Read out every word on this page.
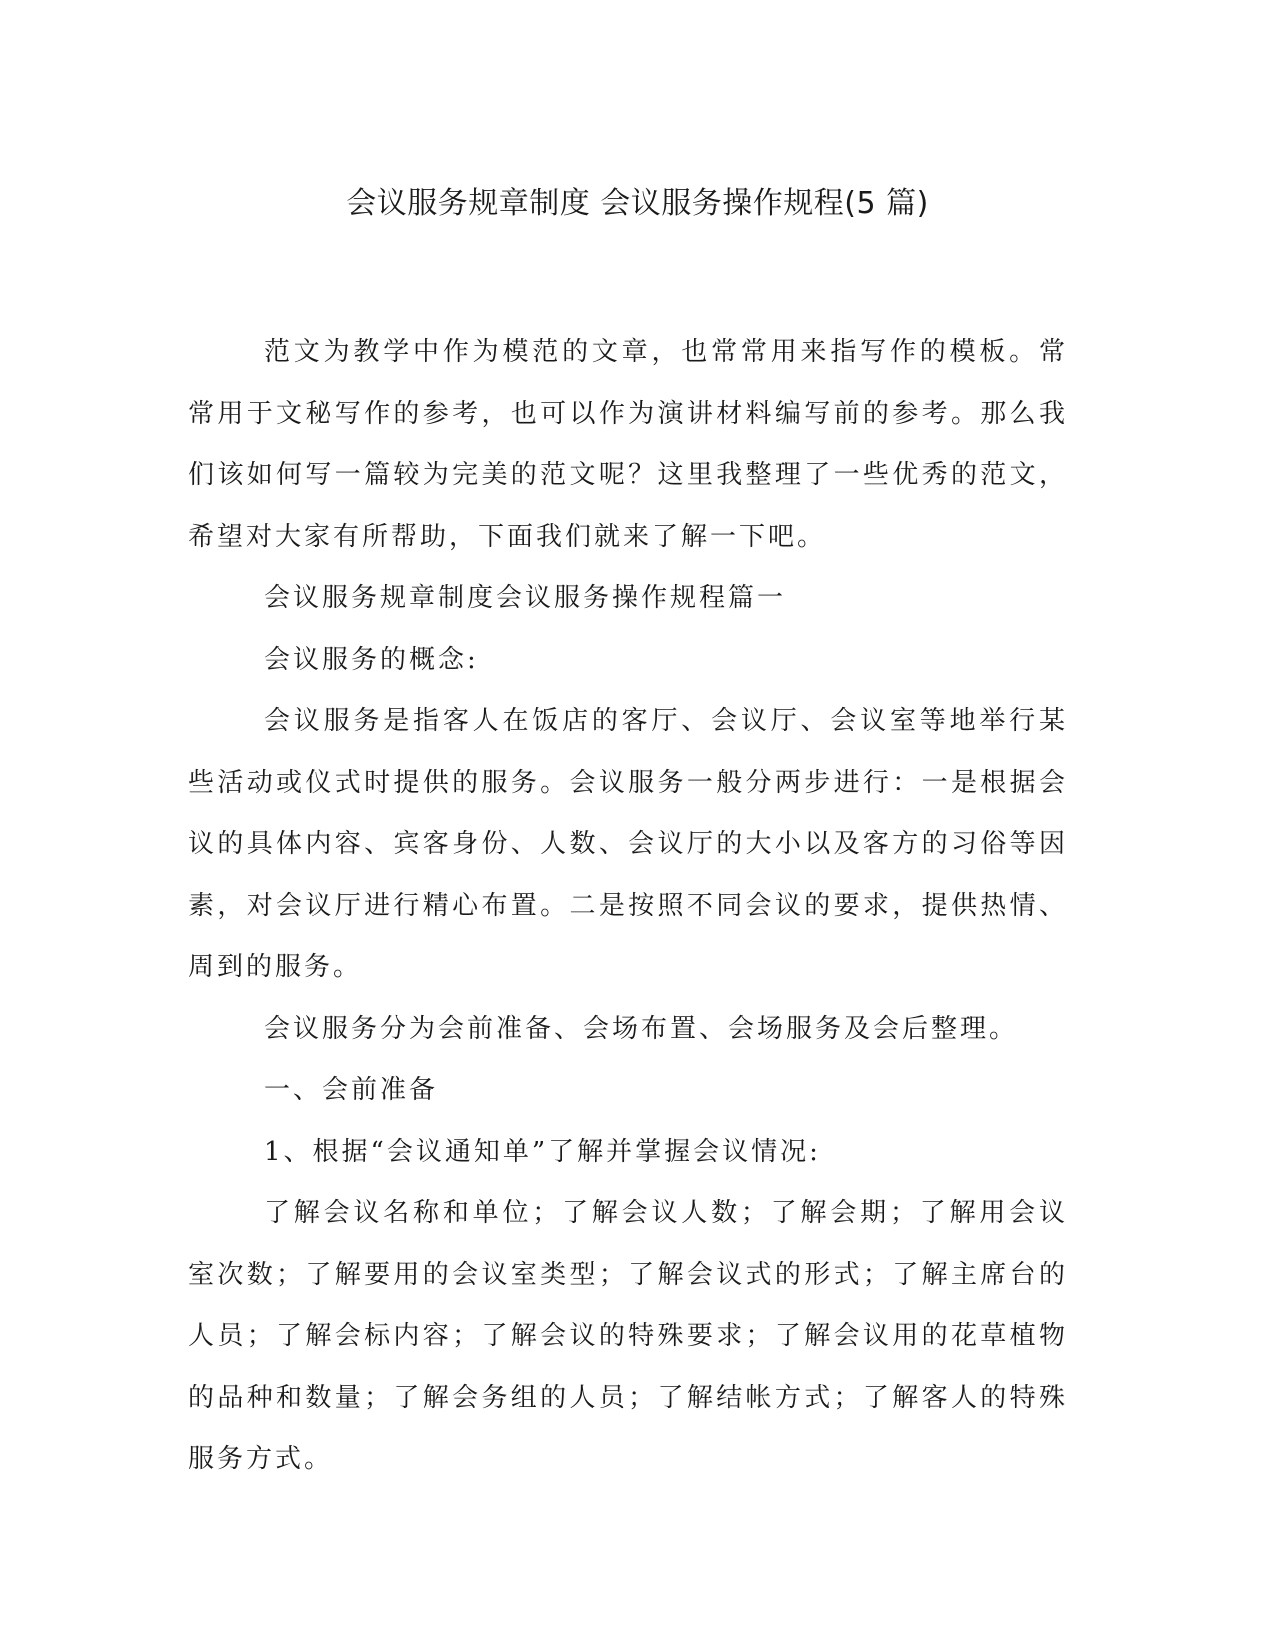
会议服务规章制度 会议服务操作规程(5 篇)

范文为教学中作为模范的文章，也常常用来指写作的模板。常常用于文秘写作的参考，也可以作为演讲材料编写前的参考。那么我们该如何写一篇较为完美的范文呢？这里我整理了一些优秀的范文，希望对大家有所帮助，下面我们就来了解一下吧。

会议服务规章制度会议服务操作规程篇一

会议服务的概念:

会议服务是指客人在饭店的客厅、会议厅、会议室等地举行某些活动或仪式时提供的服务。会议服务一般分两步进行：一是根据会议的具体内容、宾客身份、人数、会议厅的大小以及客方的习俗等因素，对会议厅进行精心布置。二是按照不同会议的要求，提供热情、周到的服务。

会议服务分为会前准备、会场布置、会场服务及会后整理。

一、会前准备

1、根据“会议通知单”了解并掌握会议情况:

了解会议名称和单位；了解会议人数；了解会期；了解用会议室次数；了解要用的会议室类型；了解会议式的形式；了解主席台的人员；了解会标内容；了解会议的特殊要求；了解会议用的花草植物的品种和数量；了解会务组的人员；了解结帐方式；了解客人的特殊服务方式。
